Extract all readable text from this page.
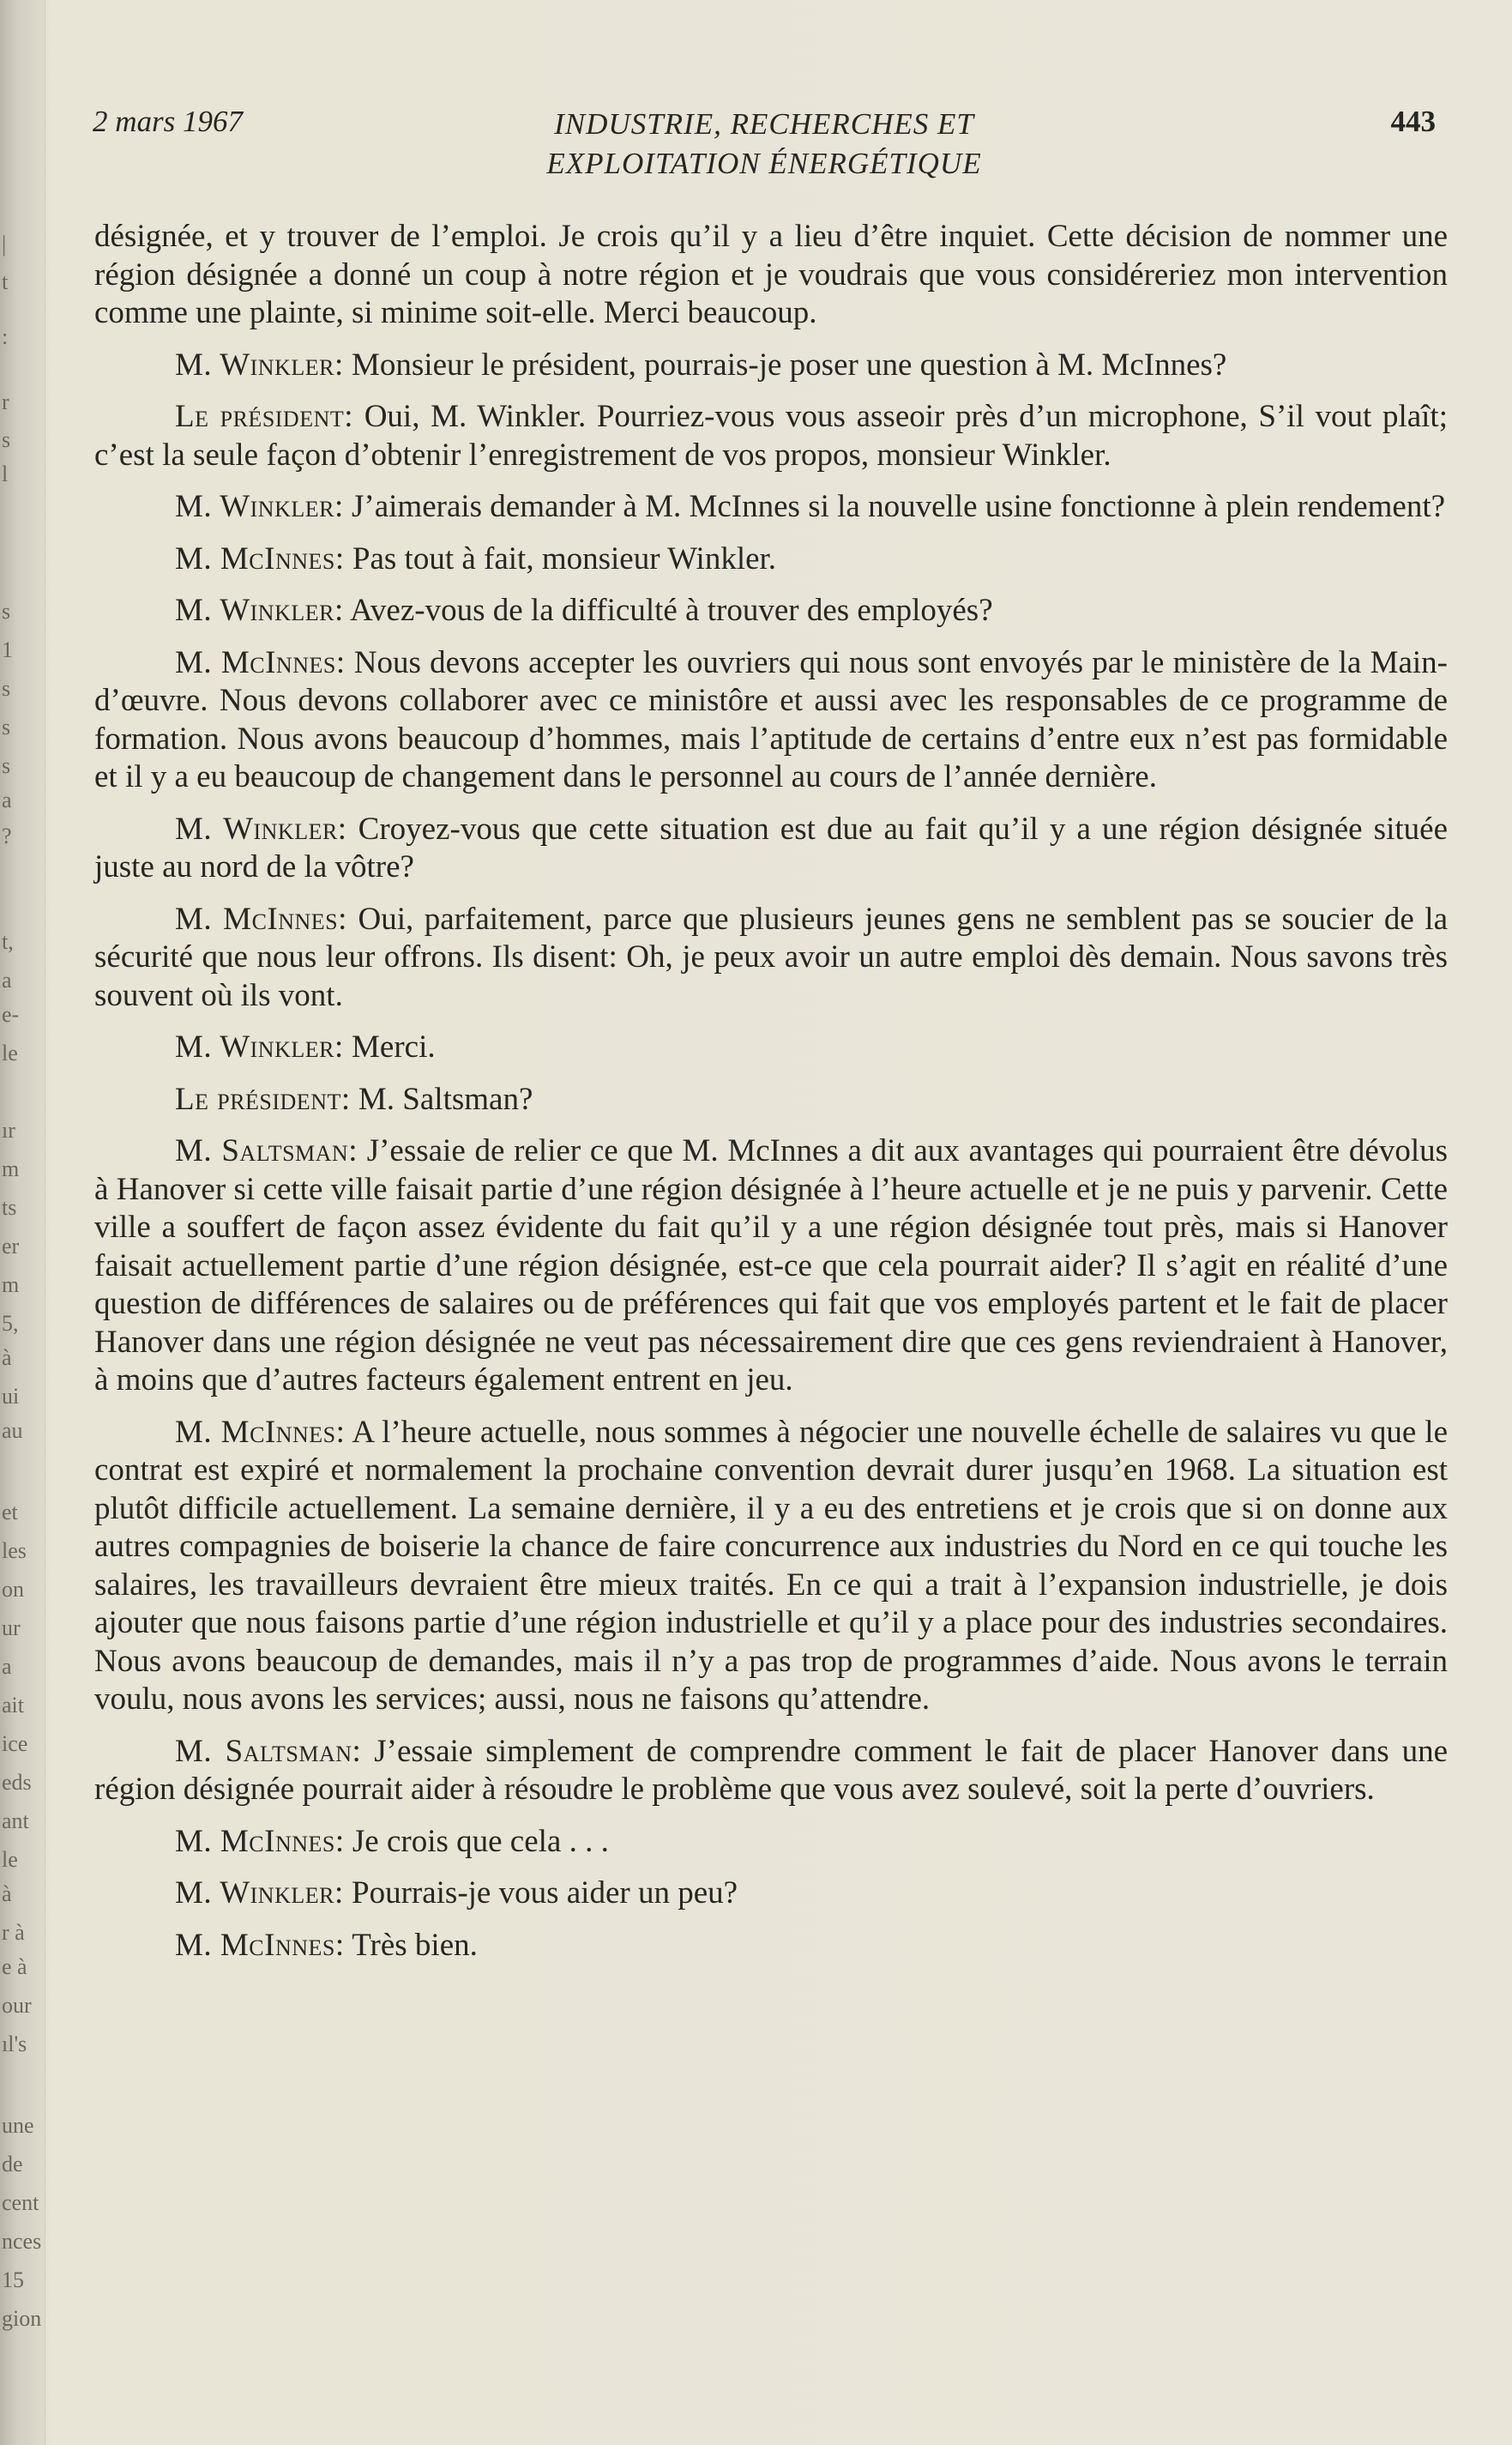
|
t
:
r
s
l
s
1
s
s
s
a
?
t,
a
e-
le
ır
m
ts
er
m
5,
à
ui
au
et
les
on
ur
a
ait
ice
eds
ant
le
à
r à
e à
our
ıl's
une
de
cent
nces
15
gion
2 mars 1967	INDUSTRIE, RECHERCHES ET
EXPLOITATION ÉNERGÉTIQUE
443

désignée, et y trouver de l’emploi. Je crois qu’il y a lieu d’être inquiet. Cette décision de nommer une région désignée a donné un coup à notre région et je voudrais que vous considéreriez mon intervention comme une plainte, si minime soit-elle. Merci beaucoup.

M. Winkler: Monsieur le président, pourrais-je poser une question à M. McInnes?

Le président: Oui, M. Winkler. Pourriez-vous vous asseoir près d’un microphone, S’il vout plaît; c’est la seule façon d’obtenir l’enregistrement de vos propos, monsieur Winkler.

M. Winkler: J’aimerais demander à M. McInnes si la nouvelle usine fonctionne à plein rendement?

M. McInnes: Pas tout à fait, monsieur Winkler.

M. Winkler: Avez-vous de la difficulté à trouver des employés?

M. McInnes: Nous devons accepter les ouvriers qui nous sont envoyés par le ministère de la Main-d’œuvre. Nous devons collaborer avec ce ministôre et aussi avec les responsables de ce programme de formation. Nous avons beaucoup d’hommes, mais l’aptitude de certains d’entre eux n’est pas formidable et il y a eu beaucoup de changement dans le personnel au cours de l’année dernière.

M. Winkler: Croyez-vous que cette situation est due au fait qu’il y a une région désignée située juste au nord de la vôtre?

M. McInnes: Oui, parfaitement, parce que plusieurs jeunes gens ne semblent pas se soucier de la sécurité que nous leur offrons. Ils disent: Oh, je peux avoir un autre emploi dès demain. Nous savons très souvent où ils vont.

M. Winkler: Merci.

Le président: M. Saltsman?

M. Saltsman: J’essaie de relier ce que M. McInnes a dit aux avantages qui pourraient être dévolus à Hanover si cette ville faisait partie d’une région désignée à l’heure actuelle et je ne puis y parvenir. Cette ville a souffert de façon assez évidente du fait qu’il y a une région désignée tout près, mais si Hanover faisait actuellement partie d’une région désignée, est-ce que cela pourrait aider? Il s’agit en réalité d’une question de différences de salaires ou de préférences qui fait que vos employés partent et le fait de placer Hanover dans une région désignée ne veut pas nécessairement dire que ces gens reviendraient à Hanover, à moins que d’autres facteurs également entrent en jeu.

M. McInnes: A l’heure actuelle, nous sommes à négocier une nouvelle échelle de salaires vu que le contrat est expiré et normalement la prochaine convention devrait durer jusqu’en 1968. La situation est plutôt difficile actuellement. La semaine dernière, il y a eu des entretiens et je crois que si on donne aux autres compagnies de boiserie la chance de faire concurrence aux industries du Nord en ce qui touche les salaires, les travailleurs devraient être mieux traités. En ce qui a trait à l’expansion industrielle, je dois ajouter que nous faisons partie d’une région industrielle et qu’il y a place pour des industries secondaires. Nous avons beaucoup de demandes, mais il n’y a pas trop de programmes d’aide. Nous avons le terrain voulu, nous avons les services; aussi, nous ne faisons qu’attendre.

M. Saltsman: J’essaie simplement de comprendre comment le fait de placer Hanover dans une région désignée pourrait aider à résoudre le problème que vous avez soulevé, soit la perte d’ouvriers.

M. McInnes: Je crois que cela . . .

M. Winkler: Pourrais-je vous aider un peu?

M. McInnes: Très bien.
